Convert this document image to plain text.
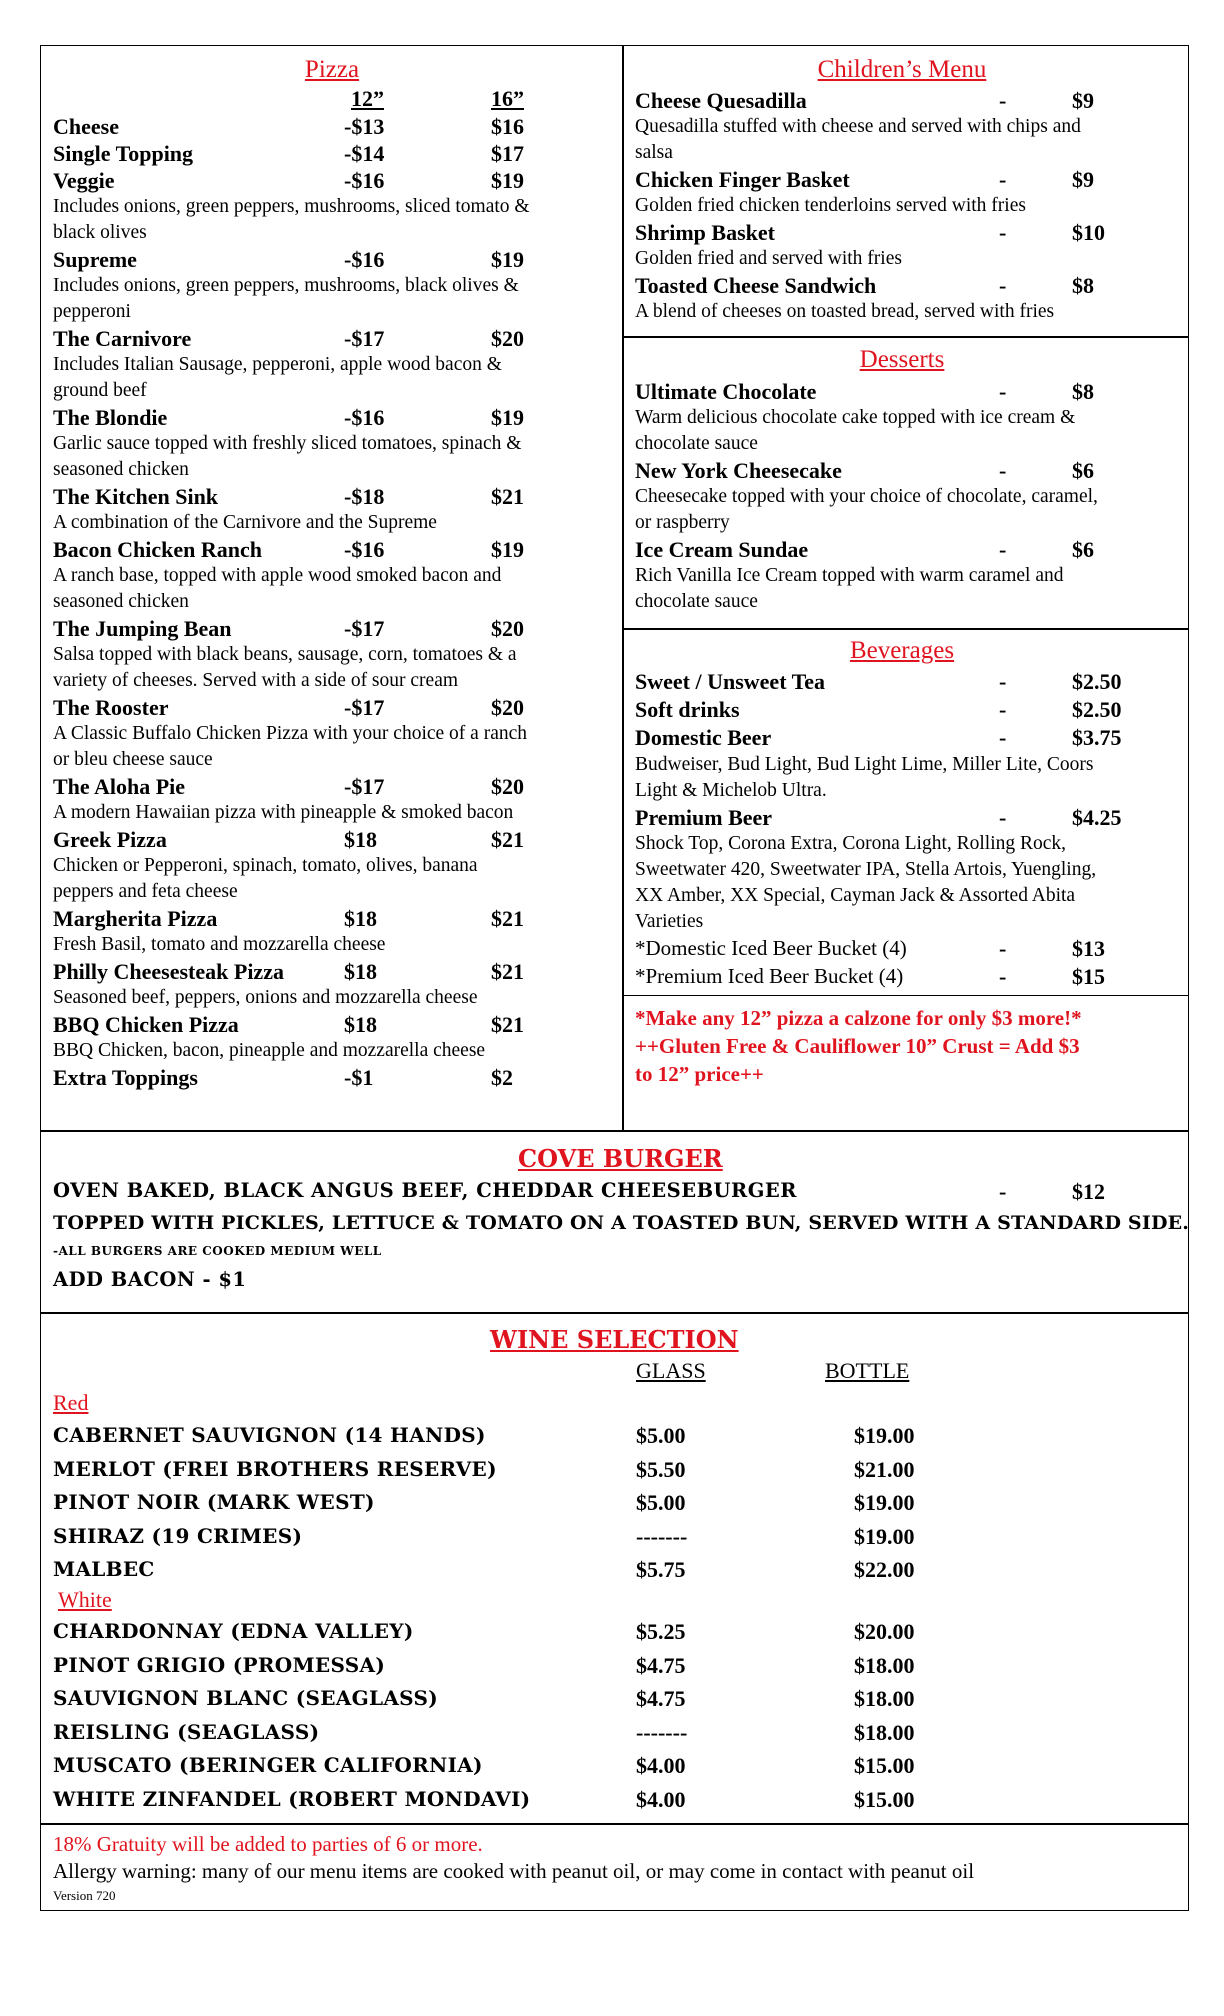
Pizza
12”	16”
Cheese	-$13	$16
Single Topping	-$14	$17
Veggie	-$16	$19
Includes onions, green peppers, mushrooms, sliced tomato &
black olives
Supreme	-$16	$19
Includes onions, green peppers, mushrooms, black olives &
pepperoni
The Carnivore	-$17	$20
Includes Italian Sausage, pepperoni, apple wood bacon &
ground beef
The Blondie	-$16	$19
Garlic sauce topped with freshly sliced tomatoes, spinach &
seasoned chicken
The Kitchen Sink	-$18	$21
A combination of the Carnivore and the Supreme
Bacon Chicken Ranch	-$16	$19
A ranch base, topped with apple wood smoked bacon and
seasoned chicken
The Jumping Bean	-$17	$20
Salsa topped with black beans, sausage, corn, tomatoes & a
variety of cheeses. Served with a side of sour cream
The Rooster	-$17	$20
A Classic Buffalo Chicken Pizza with your choice of a ranch
or bleu cheese sauce
The Aloha Pie	-$17	$20
A modern Hawaiian pizza with pineapple & smoked bacon
Greek Pizza	$18	$21
Chicken or Pepperoni, spinach, tomato, olives, banana
peppers and feta cheese
Margherita Pizza	$18	$21
Fresh Basil, tomato and mozzarella cheese
Philly Cheesesteak Pizza	$18	$21
Seasoned beef, peppers, onions and mozzarella cheese
BBQ Chicken Pizza	$18	$21
BBQ Chicken, bacon, pineapple and mozzarella cheese
Extra Toppings	-$1	$2
Children’s Menu
Cheese Quesadilla	-	$9
Quesadilla stuffed with cheese and served with chips and
salsa
Chicken Finger Basket	-	$9
Golden fried chicken tenderloins served with fries
Shrimp Basket	-	$10
Golden fried and served with fries
Toasted Cheese Sandwich	-	$8
A blend of cheeses on toasted bread, served with fries
Desserts
Ultimate Chocolate	-	$8
Warm delicious chocolate cake topped with ice cream &
chocolate sauce
New York Cheesecake	-	$6
Cheesecake topped with your choice of chocolate, caramel,
or raspberry
Ice Cream Sundae	-	$6
Rich Vanilla Ice Cream topped with warm caramel and
chocolate sauce
Beverages
Sweet / Unsweet Tea	-	$2.50
Soft drinks	-	$2.50
Domestic Beer	-	$3.75
Budweiser, Bud Light, Bud Light Lime, Miller Lite, Coors
Light & Michelob Ultra.
Premium Beer	-	$4.25
Shock Top, Corona Extra, Corona Light, Rolling Rock,
Sweetwater 420, Sweetwater IPA, Stella Artois, Yuengling,
XX Amber, XX Special, Cayman Jack & Assorted Abita
Varieties
*Domestic Iced Beer Bucket (4)	-	$13
*Premium Iced Beer Bucket (4)	-	$15
*Make any 12” pizza a calzone for only $3 more!*
++Gluten Free & Cauliflower 10” Crust = Add $3
to 12” price++
COVE BURGER
OVEN BAKED, BLACK ANGUS BEEF, CHEDDAR CHEESEBURGER	-	$12
TOPPED WITH PICKLES, LETTUCE & TOMATO ON A TOASTED BUN, SERVED WITH A STANDARD SIDE.
-ALL BURGERS ARE COOKED MEDIUM WELL
ADD BACON - $1
WINE SELECTION
GLASS	BOTTLE
Red
CABERNET SAUVIGNON (14 HANDS)	$5.00	$19.00
MERLOT (FREI BROTHERS RESERVE)	$5.50	$21.00
PINOT NOIR (MARK WEST)	$5.00	$19.00
SHIRAZ (19 CRIMES)	-------	$19.00
MALBEC	$5.75	$22.00
White
CHARDONNAY (EDNA VALLEY)	$5.25	$20.00
PINOT GRIGIO (PROMESSA)	$4.75	$18.00
SAUVIGNON BLANC (SEAGLASS)	$4.75	$18.00
REISLING (SEAGLASS)	-------	$18.00
MUSCATO (BERINGER CALIFORNIA)	$4.00	$15.00
WHITE ZINFANDEL (ROBERT MONDAVI)	$4.00	$15.00
18% Gratuity will be added to parties of 6 or more.
Allergy warning: many of our menu items are cooked with peanut oil, or may come in contact with peanut oil
Version 720
